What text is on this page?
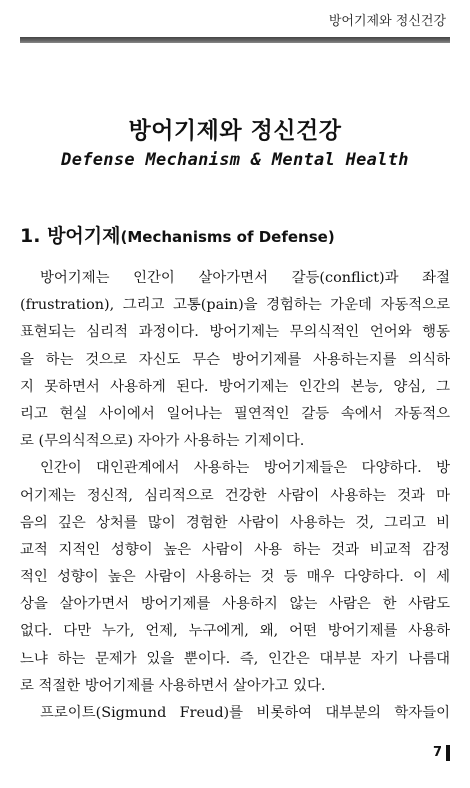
방어기제와 정신건강
방어기제와 정신건강
Defense Mechanism & Mental Health
1. 방어기제(Mechanisms of Defense)
방어기제는 인간이 살아가면서 갈등(conflict)과 좌절
(frustration), 그리고 고통(pain)을 경험하는 가운데 자동적으로
표현되는 심리적 과정이다. 방어기제는 무의식적인 언어와 행동
을 하는 것으로 자신도 무슨 방어기제를 사용하는지를 의식하
지 못하면서 사용하게 된다. 방어기제는 인간의 본능, 양심, 그
리고 현실 사이에서 일어나는 필연적인 갈등 속에서 자동적으
로 (무의식적으로) 자아가 사용하는 기제이다.
인간이 대인관계에서 사용하는 방어기제들은 다양하다. 방
어기제는 정신적, 심리적으로 건강한 사람이 사용하는 것과 마
음의 깊은 상처를 많이 경험한 사람이 사용하는 것, 그리고 비
교적 지적인 성향이 높은 사람이 사용 하는 것과 비교적 감정
적인 성향이 높은 사람이 사용하는 것 등 매우 다양하다. 이 세
상을 살아가면서 방어기제를 사용하지 않는 사람은 한 사람도
없다. 다만 누가, 언제, 누구에게, 왜, 어떤 방어기제를 사용하
느냐 하는 문제가 있을 뿐이다. 즉, 인간은 대부분 자기 나름대
로 적절한 방어기제를 사용하면서 살아가고 있다.
프로이트(Sigmund Freud)를 비롯하여 대부분의 학자들이
7
